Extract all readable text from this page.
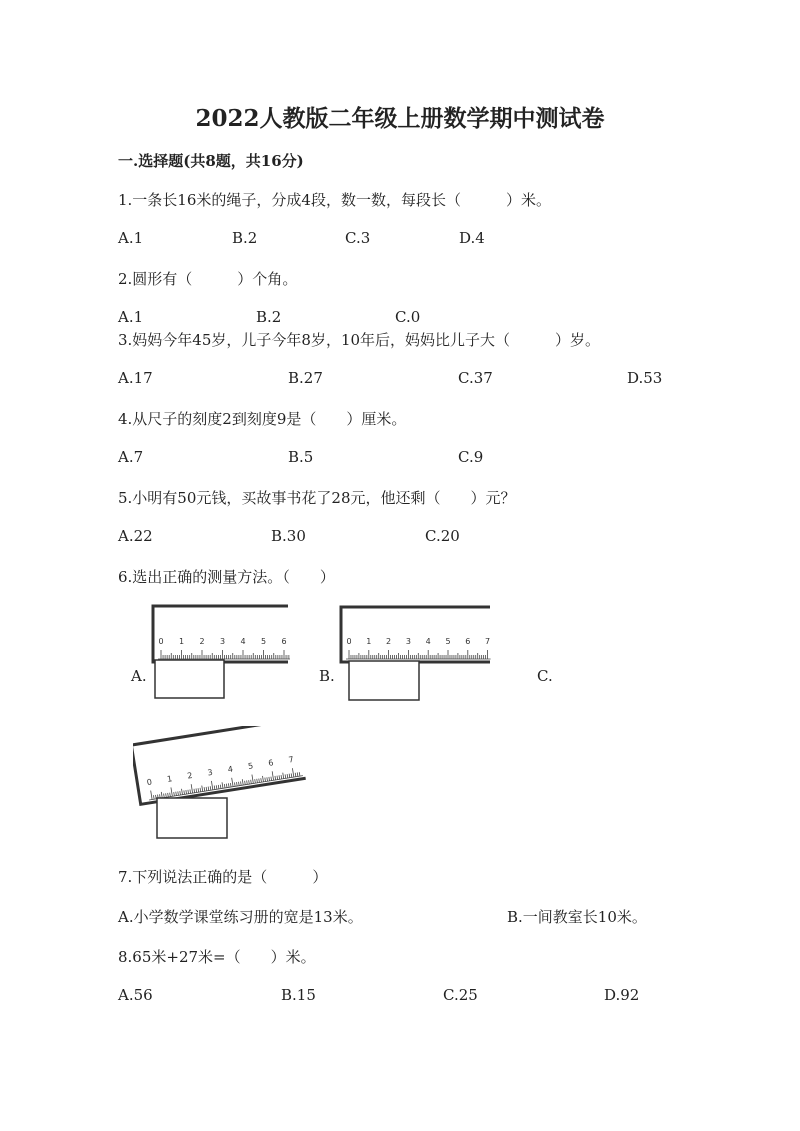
2022人教版二年级上册数学期中测试卷
一.选择题(共8题，共16分)
1.一条长16米的绳子，分成4段，数一数，每段长（　　　）米。
A.1	B.2	C.3	D.4
2.圆形有（　　　）个角。
A.1	B.2	C.0
3.妈妈今年45岁，儿子今年8岁，10年后，妈妈比儿子大（　　　）岁。
A.17	B.27	C.37	D.53
4.从尺子的刻度2到刻度9是（　　）厘米。
A.7	B.5	C.9
5.小明有50元钱，买故事书花了28元，他还剩（　　）元？
A.22	B.30	C.20
6.选出正确的测量方法。（　　）
A.
0 1 2 3 4 5 6
B.
0 1 2 3 4 5 6 7
C.
0 1 2 3 4 5 6 7
7.下列说法正确的是（　　　）
A.小学数学课堂练习册的宽是13米。	B.一间教室长10米。
8.65米+27米=（　　）米。
A.56	B.15	C.25	D.92
